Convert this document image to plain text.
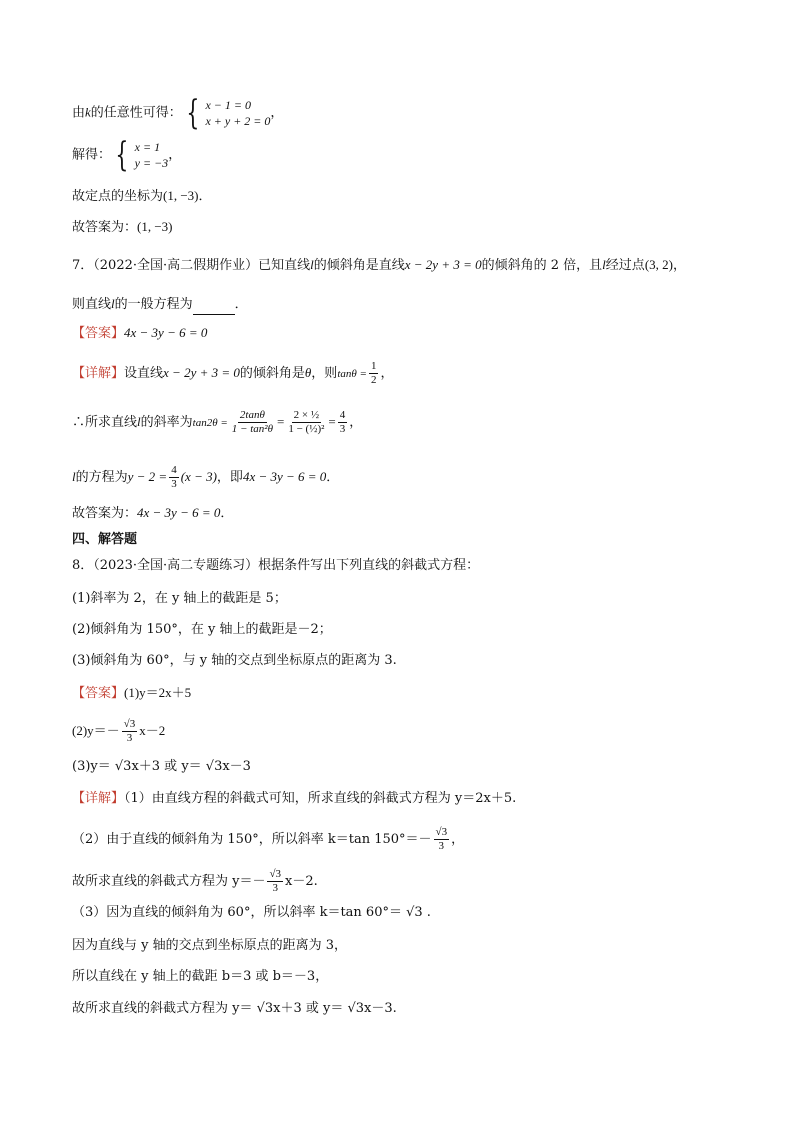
由k的任意性可得： { x − 1 = 0
x + y + 2 = 0
，
解得： { x = 1
y = −3
，
故定点的坐标为(1, −3)．
故答案为：(1, −3)
7．（2022·全国·高二假期作业）已知直线l的倾斜角是直线x − 2y + 3 = 0的倾斜角的 2 倍，且l经过点(3, 2)，
则直线l的一般方程为	．
【答案】4x − 3y − 6 = 0
【详解】设直线x − 2y + 3 = 0的倾斜角是θ，则$\tan\theta = \frac{1}{2}$ ，
∴所求直线l的斜率为$\tan 2\theta = \frac{2\tan\theta}{\text{1 − tan²θ}} = \frac{\text{2 × ½}}{\text{1 − (½)²}} = \frac{4}{3}$ ，
l的方程为$y - 2 = \frac{4}{3} (x - 3)$，即4x − 3y − 6 = 0．
故答案为：4x − 3y − 6 = 0．
四、解答题
8．（2023·全国·高二专题练习）根据条件写出下列直线的斜截式方程：
(1)斜率为 2，在 y 轴上的截距是 5；
(2)倾斜角为 150°，在 y 轴上的截距是－2；
(3)倾斜角为 60°，与 y 轴的交点到坐标原点的距离为 3.
【答案】(1)y＝2x＋5
$(2)y=- \frac{√3}{3} x-2$
(3)y＝ √3x＋3 或 y＝ √3x－3
【详解】（1）由直线方程的斜截式可知，所求直线的斜截式方程为 y＝2x＋5.
（2）由于直线的倾斜角为 150°，所以斜率 k＝tan $150^\circ=- \frac{√3}{3}$ ，
故所求直线的斜截式方程为 $y=- \frac{√3}{3} x-2$.
（3）因为直线的倾斜角为 60°，所以斜率 k＝tan 60°＝ √3 .
因为直线与 y 轴的交点到坐标原点的距离为 3，
所以直线在 y 轴上的截距 b＝3 或 b＝－3，
故所求直线的斜截式方程为 y＝ √3x＋3 或 y＝ √3x－3.
